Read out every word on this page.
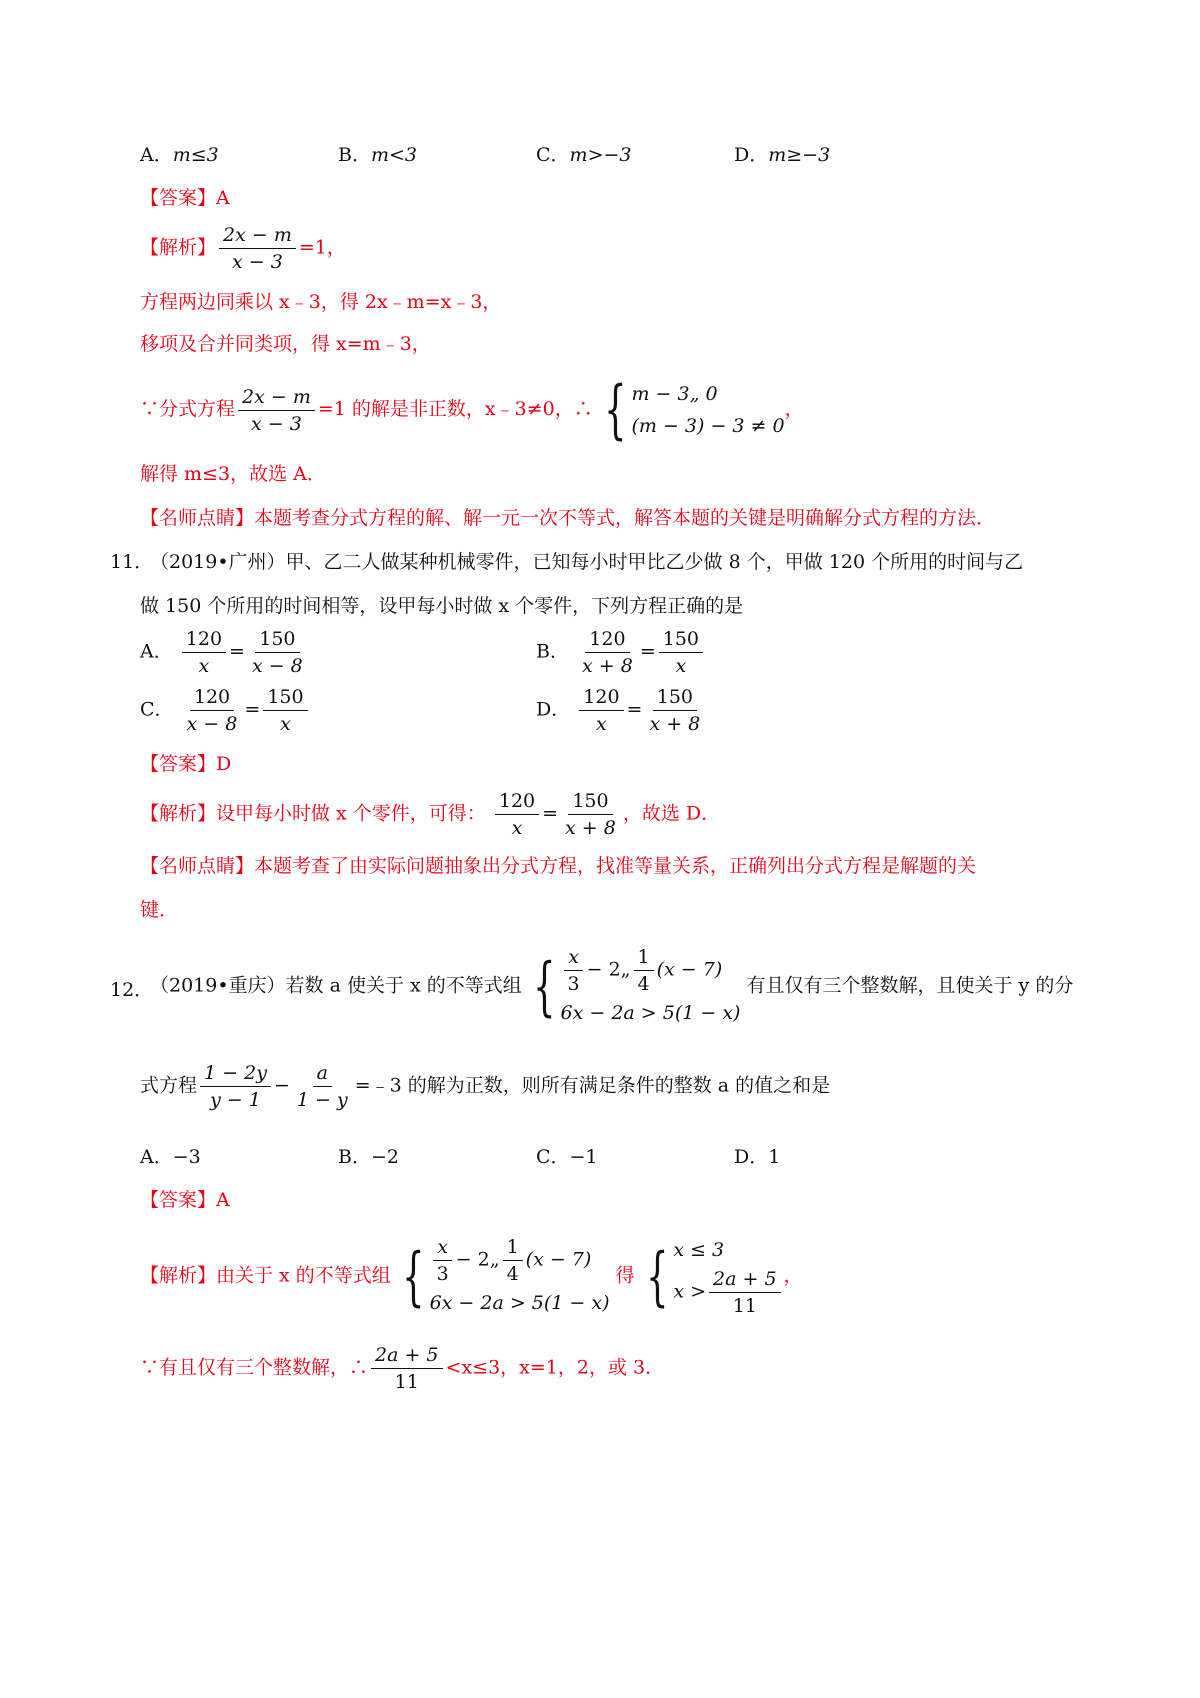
A．m≤3	B．m<3	C．m>−3	D．m≥−3
【答案】A
【解析】 $\frac{2x - m}{x - 3} =1$，
方程两边同乘以 x﹣3，得 2x﹣m=x﹣3，
移项及合并同类项，得 x=m﹣3，
∵分式方程 $\frac{2x - m}{x - 3} =1$ 的解是非正数，x﹣3≠0，∴ { m − 3„ 0
(m − 3) − 3 ≠ 0
，
解得 m≤3，故选 A．
【名师点睛】本题考查分式方程的解、解一元一次不等式，解答本题的关键是明确解分式方程的方法．
11．
（2019•广州）甲、乙二人做某种机械零件，已知每小时甲比乙少做 8 个，甲做 120 个所用的时间与乙
做 150 个所用的时间相等，设甲每小时做 x 个零件，下列方程正确的是
A． $\frac{120}{x} = \frac{150}{x - 8}$	B． $\frac{120}{x + 8} = \frac{150}{x}$
C． $\frac{120}{x - 8} = \frac{150}{x}$	D． $\frac{120}{x} = \frac{150}{x + 8}$
【答案】D
【解析】设甲每小时做 x 个零件，可得： $\frac{120}{x} = \frac{150}{x + 8}$ ，故选 D．
【名师点睛】本题考查了由实际问题抽象出分式方程，找准等量关系，正确列出分式方程是解题的关
键．
12．
（2019•重庆）若数 a 使关于 x 的不等式组 { $\frac{x}{3}$ − 2„ $\frac{1}{4} (x - 7)$
6x − 2a > 5(1 − x)
有且仅有三个整数解，且使关于 y 的分
式方程 $\frac{1 - 2y}{y - 1} - \frac{a}{1 - y}$ =﹣3 的解为正数，则所有满足条件的整数 a 的值之和是
A．−3	B．−2	C．−1	D．1
【答案】A
【解析】由关于 x 的不等式组 { $\frac{x}{3}$ − 2„ $\frac{1}{4} (x - 7)$
6x − 2a > 5(1 − x)
得 { x ≤ 3
$x > \frac{2a + 5}{11}$ ，
∵有且仅有三个整数解，∴ $\frac{2a + 5}{11} <x\le 3$，x=1，2，或 3．
